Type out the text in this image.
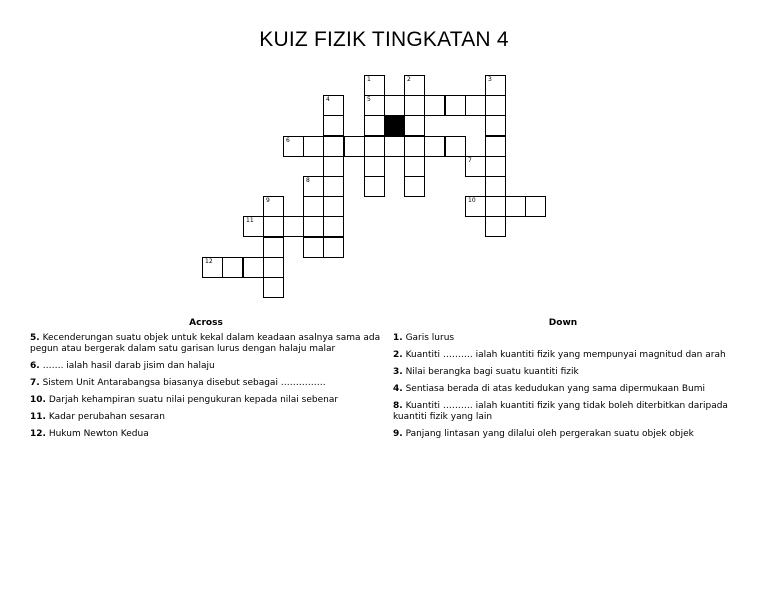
KUIZ FIZIK TINGKATAN 4
1	2	3
4	5
6
7
8
9	10
11
12
Across
5. Kecenderungan suatu objek untuk kekal dalam keadaan asalnya sama ada pegun atau bergerak dalam satu garisan lurus dengan halaju malar
6. ……. ialah hasil darab jisim dan halaju
7. Sistem Unit Antarabangsa biasanya disebut sebagai ……………
10. Darjah kehampiran suatu nilai pengukuran kepada nilai sebenar
11. Kadar perubahan sesaran
12. Hukum Newton Kedua
Down
1. Garis lurus
2. Kuantiti ………. ialah kuantiti fizik yang mempunyai magnitud dan arah
3. Nilai berangka bagi suatu kuantiti fizik
4. Sentiasa berada di atas kedudukan yang sama dipermukaan Bumi
8. Kuantiti ………. ialah kuantiti fizik yang tidak boleh diterbitkan daripada kuantiti fizik yang lain
9. Panjang lintasan yang dilalui oleh pergerakan suatu objek objek
